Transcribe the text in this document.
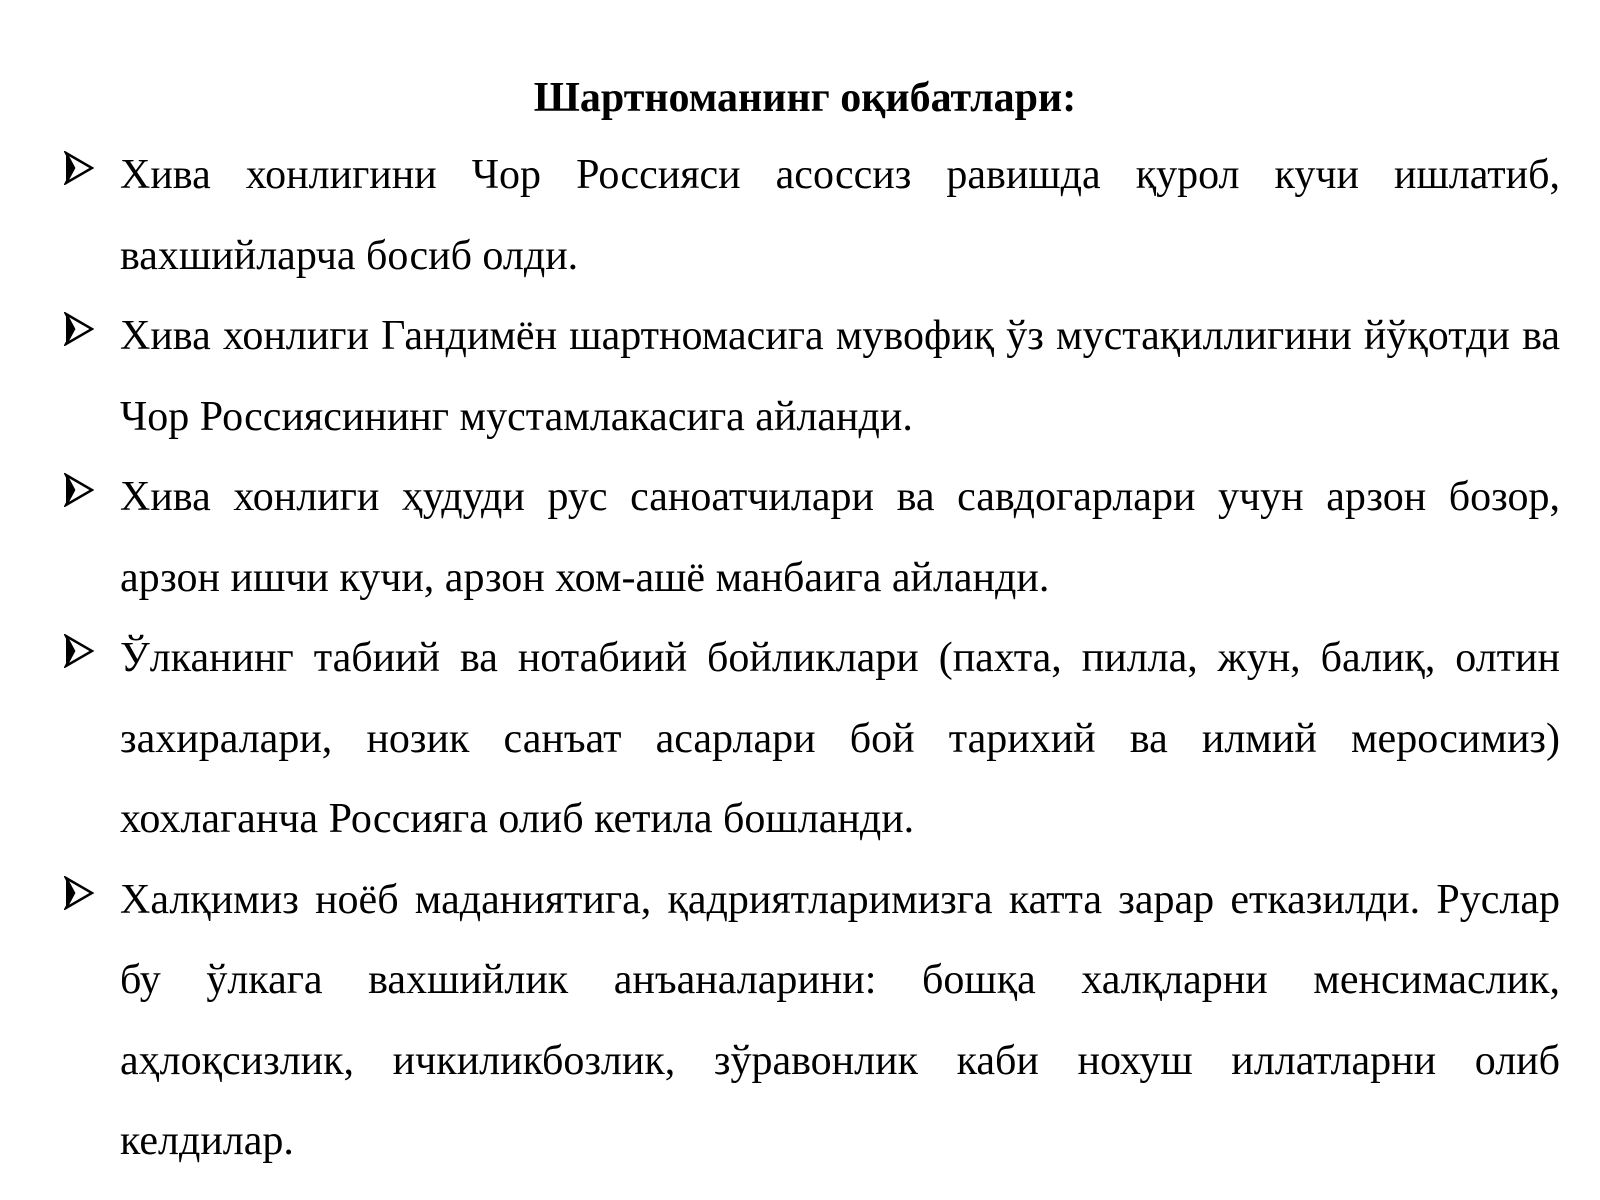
Шартноманинг оқибатлари:
Хива хонлигини Чор Россияси асоссиз равишда қурол кучи ишлатиб, вахшийларча босиб олди.
Хива хонлиги Гандимён шартномасига мувофиқ ўз мустақиллигини йўқотди ва Чор Россиясининг мустамлакасига айланди.
Хива хонлиги ҳудуди рус саноатчилари ва савдогарлари учун арзон бозор, арзон ишчи кучи, арзон хом-ашё манбаига айланди.
Ўлканинг табиий ва нотабиий бойликлари (пахта, пилла, жун, балиқ, олтин захиралари, нозик санъат асарлари бой тарихий ва илмий меросимиз) хохлаганча Россияга олиб кетила бошланди.
Халқимиз ноёб маданиятига, қадриятларимизга катта зарар етказилди. Руслар бу ўлкага вахшийлик анъаналарини: бошқа халқларни менсимаслик, аҳлоқсизлик, ичкиликбозлик, зўравонлик каби нохуш иллатларни олиб келдилар.
